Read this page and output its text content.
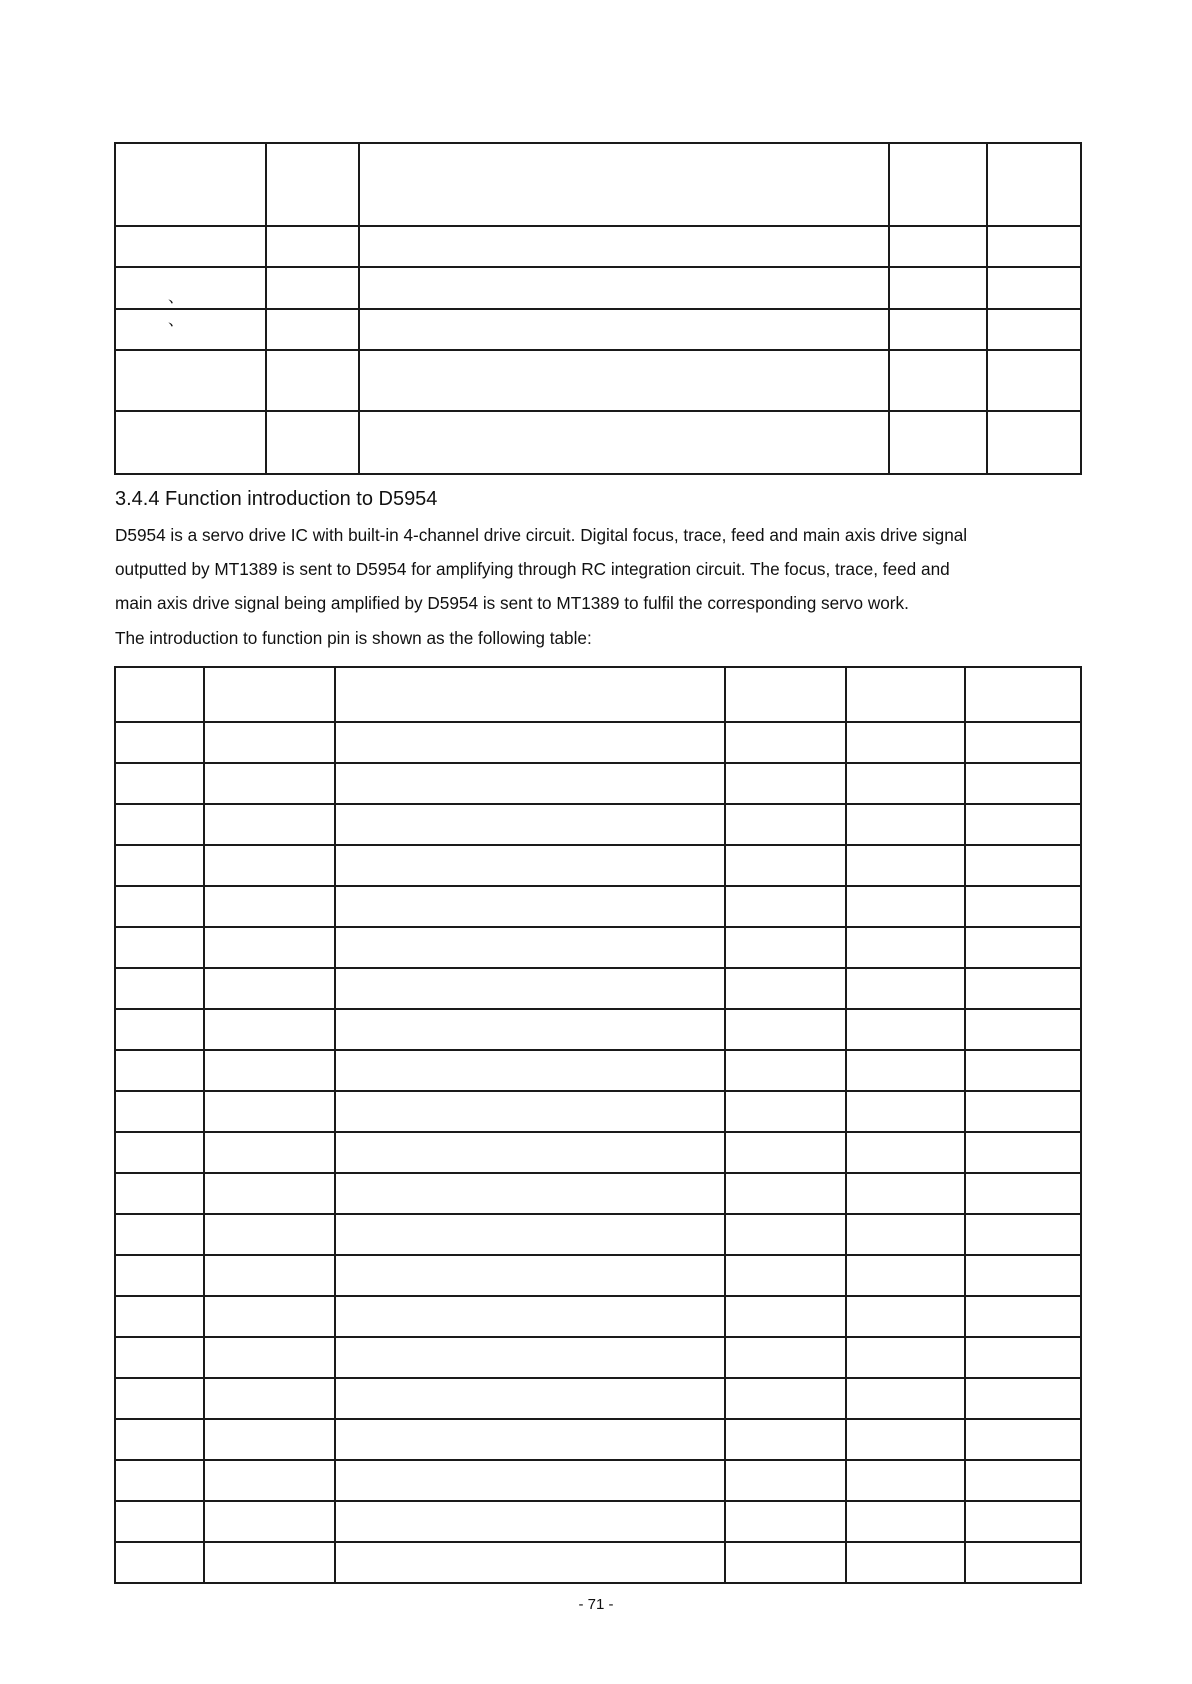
、 、				

3.4.4 Function introduction to D5954
D5954 is a servo drive IC with built-in 4-channel drive circuit. Digital focus, trace, feed and main axis drive signal
outputted by MT1389 is sent to D5954 for amplifying through RC integration circuit. The focus, trace, feed and
main axis drive signal being amplified by D5954 is sent to MT1389 to fulfil the corresponding servo work.
The introduction to function pin is shown as the following table:

- 71 -
